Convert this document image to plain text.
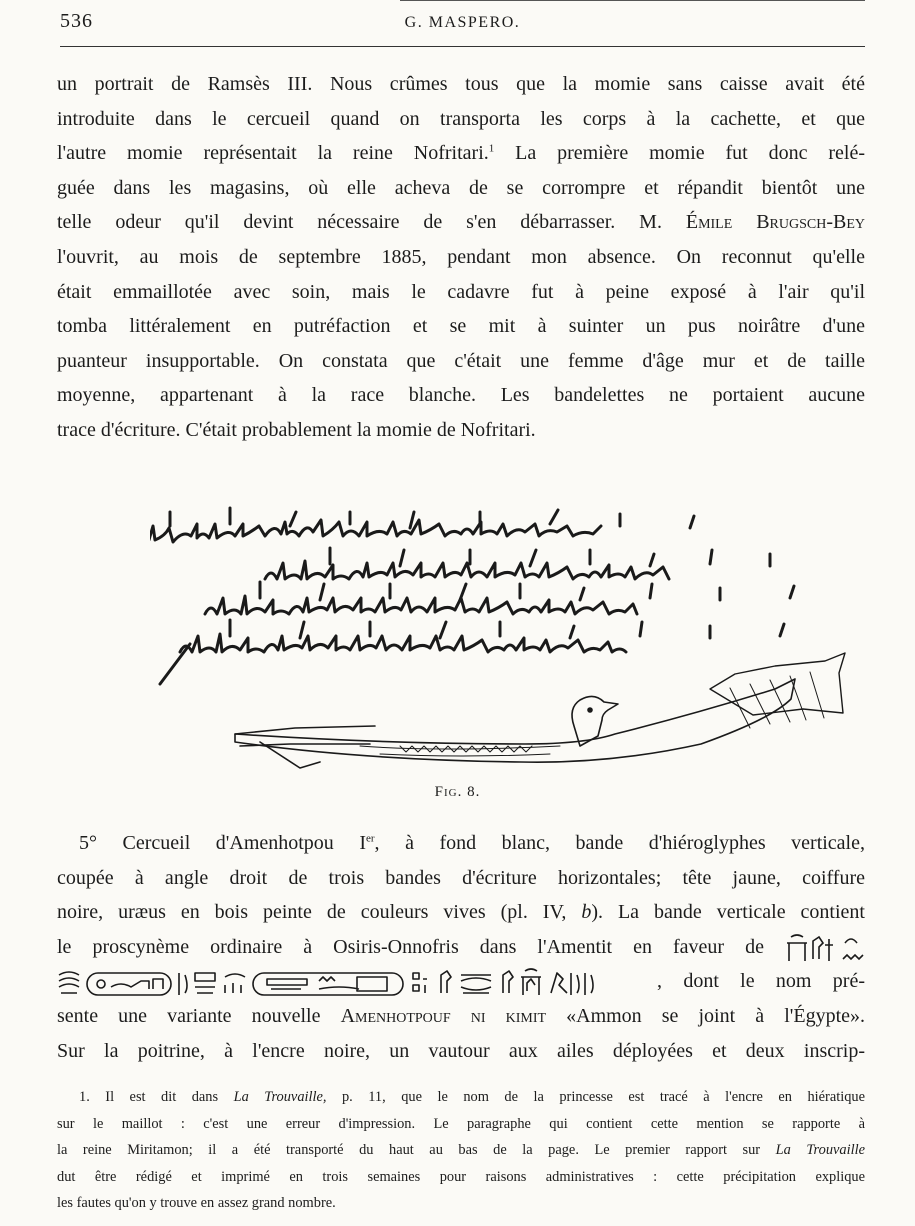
536	G. MASPERO.

un portrait de Ramsès III. Nous crûmes tous que la momie sans caisse avait été
introduite dans le cercueil quand on transporta les corps à la cachette, et que
l'autre momie représentait la reine Nofritari.$^1$ La première momie fut donc relé-
guée dans les magasins, où elle acheva de se corrompre et répandit bientôt une
telle odeur qu'il devint nécessaire de s'en débarrasser. M. Émile Brugsch-Bey
l'ouvrit, au mois de septembre 1885, pendant mon absence. On reconnut qu'elle
était emmaillotée avec soin, mais le cadavre fut à peine exposé à l'air qu'il
tomba littéralement en putréfaction et se mit à suinter un pus noirâtre d'une
puanteur insupportable. On constata que c'était une femme d'âge mur et de taille
moyenne, appartenant à la race blanche. Les bandelettes ne portaient aucune
trace d'écriture. C'était probablement la momie de Nofritari.

Fig. 8.

5° Cercueil d'Amenhotpou Ier, à fond blanc, bande d'hiéroglyphes verticale,
coupée à angle droit de trois bandes d'écriture horizontales; tête jaune, coiffure
noire, uræus en bois peinte de couleurs vives (pl. IV, b). La bande verticale contient
le proscynème ordinaire à Osiris-Onnofris dans l'Amentit en faveur de
, dont le nom pré-
sente une variante nouvelle Amenhotpouf ni kimit «Ammon se joint à l'Égypte».
Sur la poitrine, à l'encre noire, un vautour aux ailes déployées et deux inscrip-

1. Il est dit dans La Trouvaille, p. 11, que le nom de la princesse est tracé à l'encre en hiératique
sur le maillot : c'est une erreur d'impression. Le paragraphe qui contient cette mention se rapporte à
la reine Miritamon; il a été transporté du haut au bas de la page. Le premier rapport sur La Trouvaille
dut être rédigé et imprimé en trois semaines pour raisons administratives : cette précipitation explique
les fautes qu'on y trouve en assez grand nombre.
